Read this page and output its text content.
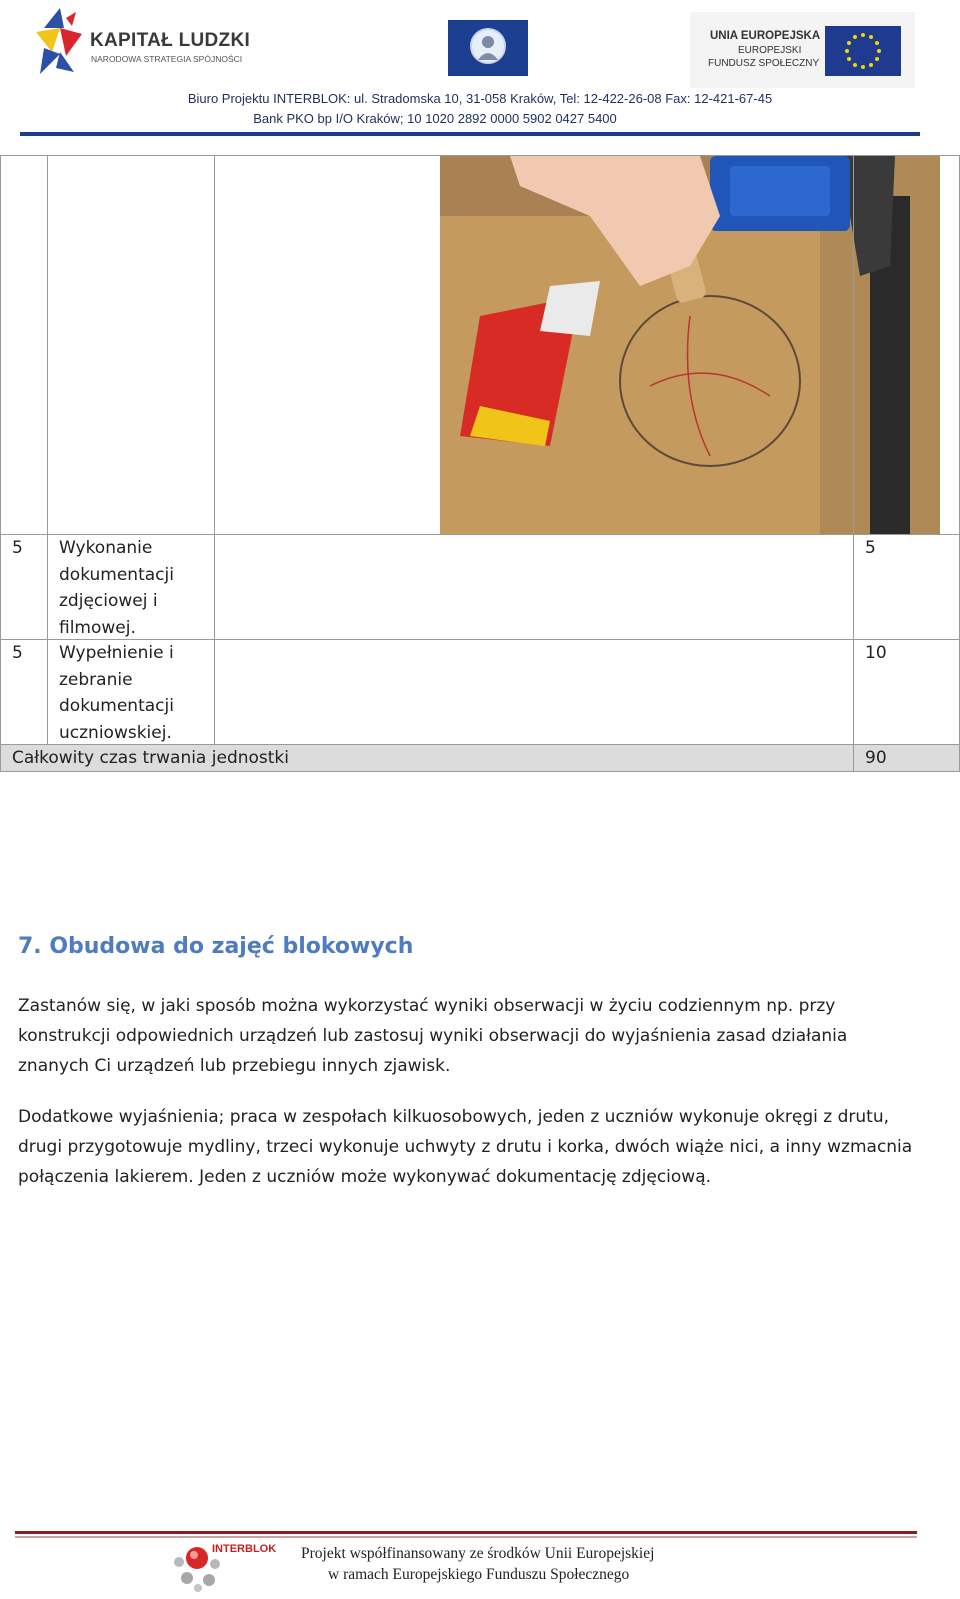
KAPITAŁ LUDZKI
NARODOWA STRATEGIA SPÓJNOŚCI
UNIA EUROPEJSKA
EUROPEJSKI
FUNDUSZ SPOŁECZNY
Biuro Projektu INTERBLOK: ul. Stradomska 10, 31-058 Kraków, Tel: 12-422-26-08 Fax: 12-421-67-45
Bank PKO bp I/O Kraków; 10 1020 2892 0000 5902 0427 5400
5 Wykonanie dokumentacji zdjęciowej i filmowej.
5
5 Wypełnienie i zebranie dokumentacji uczniowskiej.
10
Całkowity czas trwania jednostki	90
7. Obudowa do zajęć blokowych
Zastanów się, w jaki sposób można wykorzystać wyniki obserwacji w życiu codziennym np. przy konstrukcji odpowiednich urządzeń lub zastosuj wyniki obserwacji do wyjaśnienia zasad działania znanych Ci urządzeń lub przebiegu innych zjawisk.
Dodatkowe wyjaśnienia; praca w zespołach kilkuosobowych, jeden z uczniów wykonuje okręgi z drutu, drugi przygotowuje mydliny, trzeci wykonuje uchwyty z drutu i korka, dwóch wiąże nici, a inny wzmacnia połączenia lakierem. Jeden z uczniów może wykonywać dokumentację zdjęciową.
INTERBLOK Projekt współfinansowany ze środków Unii Europejskiej
w ramach Europejskiego Funduszu Społecznego
